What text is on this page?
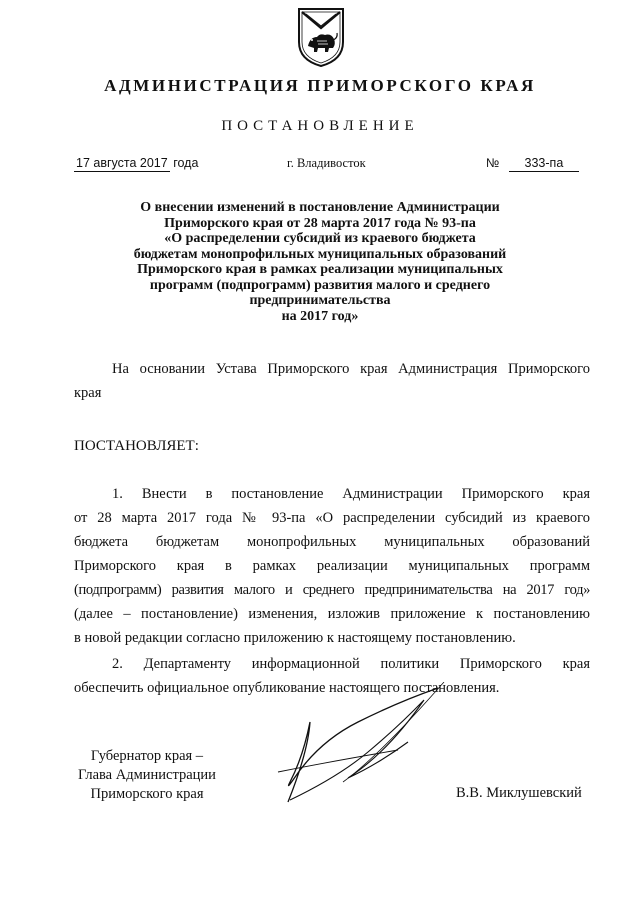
АДМИНИСТРАЦИЯ ПРИМОРСКОГО КРАЯ
ПОСТАНОВЛЕНИЕ
17 августа 2017 года	г. Владивосток	№ 333-па
О внесении изменений в постановление Администрации
Приморского края от 28 марта 2017 года № 93-па
«О распределении субсидий из краевого бюджета
бюджетам монопрофильных муниципальных образований
Приморского края в рамках реализации муниципальных
программ (подпрограмм) развития малого и среднего
предпринимательства
на 2017 год»
На основании Устава Приморского края Администрация Приморского
края
ПОСТАНОВЛЯЕТ:
1. Внести в постановление Администрации Приморского края
от 28 марта 2017 года № 93-па «О распределении субсидий из краевого
бюджета бюджетам монопрофильных муниципальных образований
Приморского края в рамках реализации муниципальных программ
(подпрограмм) развития малого и среднего предпринимательства на 2017 год»
(далее – постановление) изменения, изложив приложение к постановлению
в новой редакции согласно приложению к настоящему постановлению.
2. Департаменту информационной политики Приморского края
обеспечить официальное опубликование настоящего постановления.
Губернатор края –
Глава Администрации
Приморского края	В.В. Миклушевский
